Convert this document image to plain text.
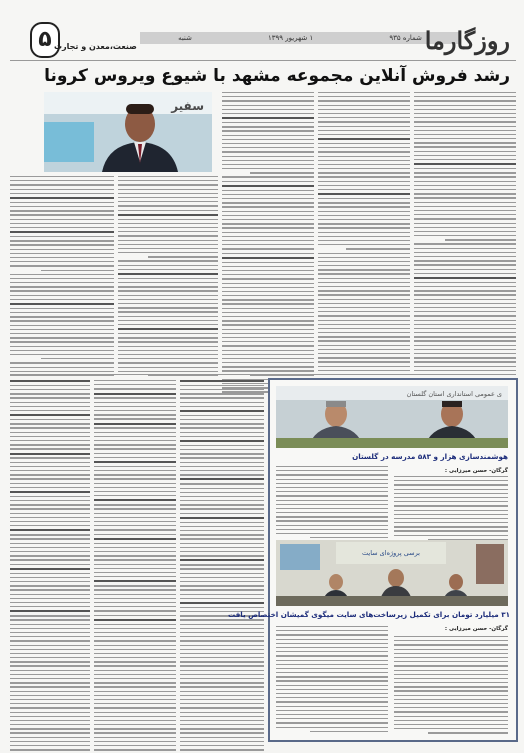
۵ صنعت،معدن و تجارت
شماره ۹۳۵
۱ شهریور ۱۳۹۹
شنبه	روزگارما
رشد فروش آنلاین مجموعه مشهد با شیوع ویروس کرونا
سفیر
ی عمومی استانداری استان گلستان
هوشمندسازی هزار و ۵۸۳ مدرسه در گلستان
گرگان- حسن میرزایی :
برسی پروژه‌ای سایت
۳۱ میلیارد تومان برای تکمیل زیرساخت‌های سایت میگوی گمیشان اختصاص یافت
گرگان- حسن میرزایی :
